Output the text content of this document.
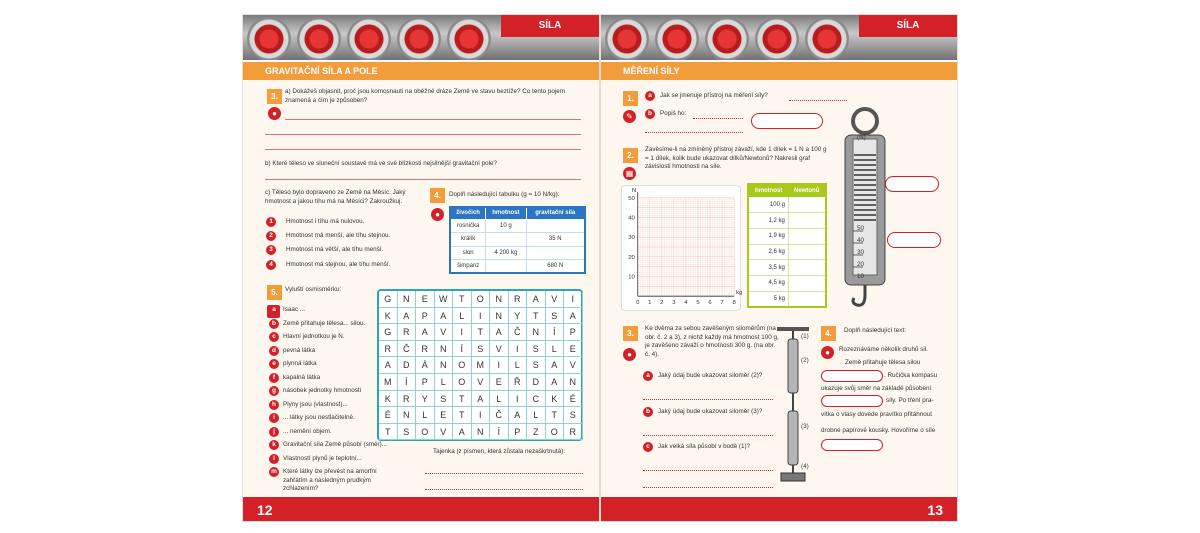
SÍLA
GRAVITAČNÍ SÍLA A POLE
3.
●
a) Dokážeš objasnit, proč jsou komosnauti na oběžné dráze Země ve stavu beztíže? Co tento pojem znamená a čím je způsoben?
b) Které těleso ve sluneční soustavě má ve své blízkosti nejsilnější gravitační pole?
c) Těleso bylo dopraveno ze Země na Měsíc. Jaký hmotnost a jakou tíhu má na Měsíci? Zakroužkuj.
1	Hmotnost i tíhu má nulovou.
2	Hmotnost má menší, ale tíhu stejnou.
3	Hmotnost má větší, ale tíhu menší.
4	Hmotnost má stejnou, ale tíhu menší.
4.
●
Doplň následující tabulku (g = 10 N/kg):
živočich	hmotnost	gravitační síla
rosnička	10 g	
králík		35 N
slon	4 200 kg	
šimpanz		680 N
5.	Vyluští osmisměrku:
a	Isaac ...
b	Země přitahuje tělesa... silou.
c	Hlavní jednotkou je N.
d	pevná látka
e	plynná látka
f	kapalná látka
g	násobek jednotky hmotnosti
h	Plyny jsou (vlastnost)...
i	... látky jsou nestlačitelné.
j	... nemění objem.
k	Gravitační síla Země působí (směr)...
l	Vlastností plynů je teplotní...
m Které látky lze převést na amorfní zahřátím a následným prudkým zchlazením?
G	N	E	W	T	O	N	R	A	V	I
K	A	P	A	L	I	N	Y	T	S	A
G	R	A	V	I	T	A	Č	N	Í	P
R	Č	R	N	Í	S	V	I	S	L	E
A	D	Á	N	O	M	I	L	S	A	V
M	Í	P	L	O	V	E	Ř	D	A	N
K	R	Y	S	T	A	L	I	C	K	É
É	N	L	E	T	I	Č	A	L	T	S
T	S	O	V	A	N	Í	P	Z	O	R
Tajenka (z písmen, která zůstala nezaškrtnutá):
12
SÍLA
MĚŘENÍ SÍLY
1.
✎
a	Jak se jmenuje přístroj na měření síly?
b	Popiš ho:
2.
▦
Zavěsíme-li na zmíněný přístroj závaží, kde 1 dílek = 1 N a 100 g = 1 dílek, kolik bude ukazovat dílků/Newtonů? Nakresli graf závislosti hmotnosti na síle.
0 1 2 3 4 5 6 7 8
10
20
30
40
50
kg
N	hmotnost	Newtonů
100 g	
1,2 kg	
1,9 kg	
2,6 kg	
3,5 kg	
4,5 kg	
5 kg	
(N)
50
40
30
20
10
3.
●
Ke dvěma za sebou zavěšeným siloměrům (na obr. č. 2 a 3), z nichž každý má hmotnost 100 g, je zavěšeno závaží o hmotnosti 300 g. (na obr. č. 4).
a	Jaký údaj bude ukazovat siloměr (2)?
b	Jaký údaj bude ukazovat siloměr (3)?
c	Jak velká síla působí v bodě (1)?
(1)
(2)
(3)
(4)
4.
●
Doplň následující text:
Rozeznáváme několik druhů sil.
Země přitahuje tělesa silou
. Ručička kompasu
ukazuje svůj směr na základě působení
síly. Po tření pra-
vítka o vlasy dovede pravítko přitáhnout
drobné papírové kousky. Hovoříme o síle
13
